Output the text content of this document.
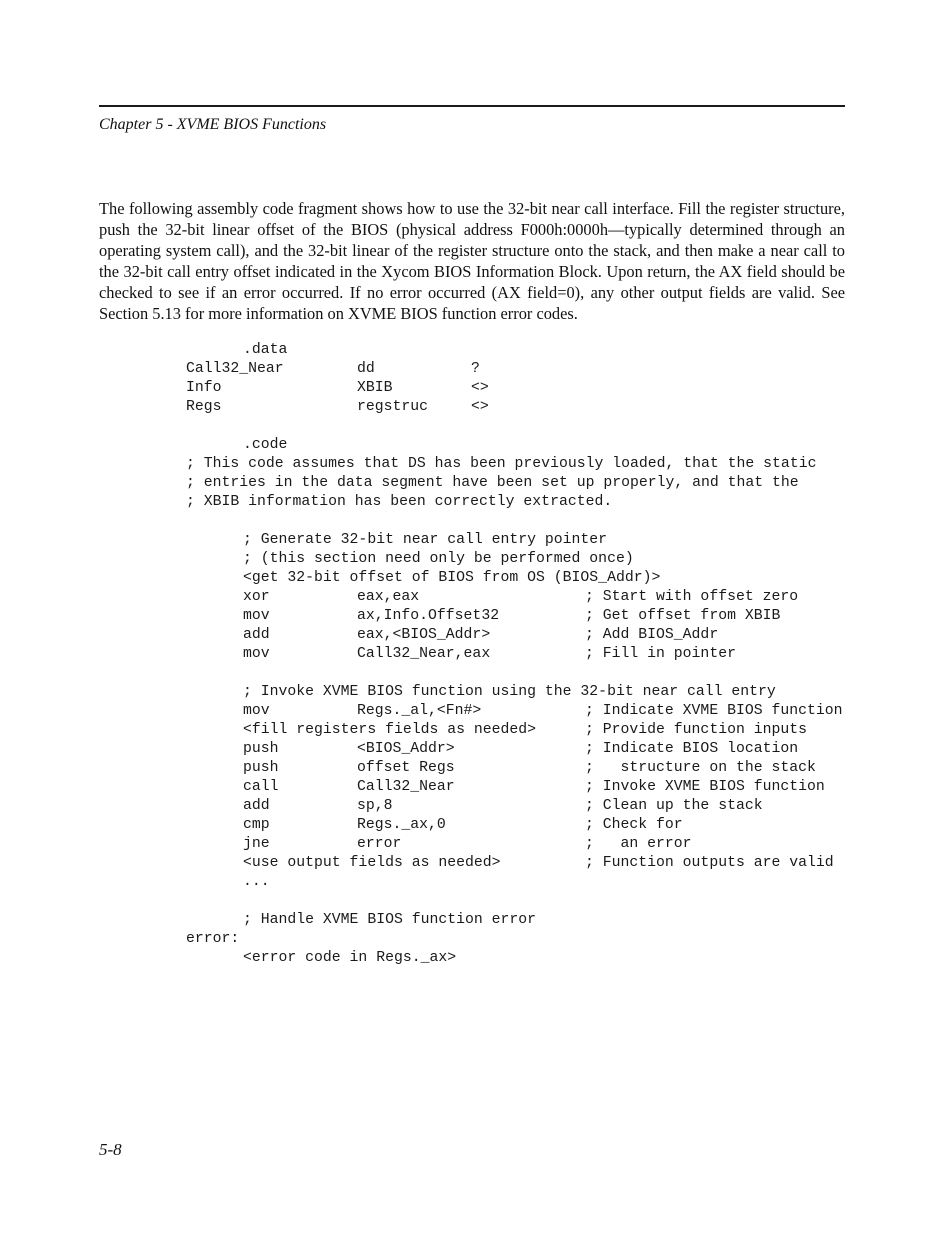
Chapter 5 - XVME BIOS Functions

The following assembly code fragment shows how to use the 32-bit near call interface. Fill the register structure, push the 32-bit linear offset of the BIOS (physical address F000h:0000h—typically determined through an operating system call), and the 32-bit linear of the register structure onto the stack, and then make a near call to the 32-bit call entry offset indicated in the Xycom BIOS Information Block. Upon return, the AX field should be checked to see if an error occurred. If no error occurred (AX field=0), any other output fields are valid. See Section 5.13 for more information on XVME BIOS function error codes.

.data
Call32_Near	dd	?
Info	XBIB	<>
Regs	regstruc	<>
.code
; This code assumes that DS has been previously loaded, that the static
; entries in the data segment have been set up properly, and that the
; XBIB information has been correctly extracted.
; Generate 32-bit near call entry pointer
; (this section need only be performed once)
<get 32-bit offset of BIOS from OS (BIOS_Addr)>
xor	eax,eax	; Start with offset zero
mov	ax,Info.Offset32	; Get offset from XBIB
add	eax,<BIOS_Addr>	; Add BIOS_Addr
mov	Call32_Near,eax	; Fill in pointer
; Invoke XVME BIOS function using the 32-bit near call entry
mov	Regs._al,<Fn#>	; Indicate XVME BIOS function
<fill registers fields as needed>	; Provide function inputs
push	<BIOS_Addr>	; Indicate BIOS location
push	offset Regs	;   structure on the stack
call	Call32_Near	; Invoke XVME BIOS function
add	sp,8	; Clean up the stack
cmp	Regs._ax,0	; Check for
jne	error	;   an error
<use output fields as needed>	; Function outputs are valid
...
; Handle XVME BIOS function error
error:
<error code in Regs._ax>
5-8
